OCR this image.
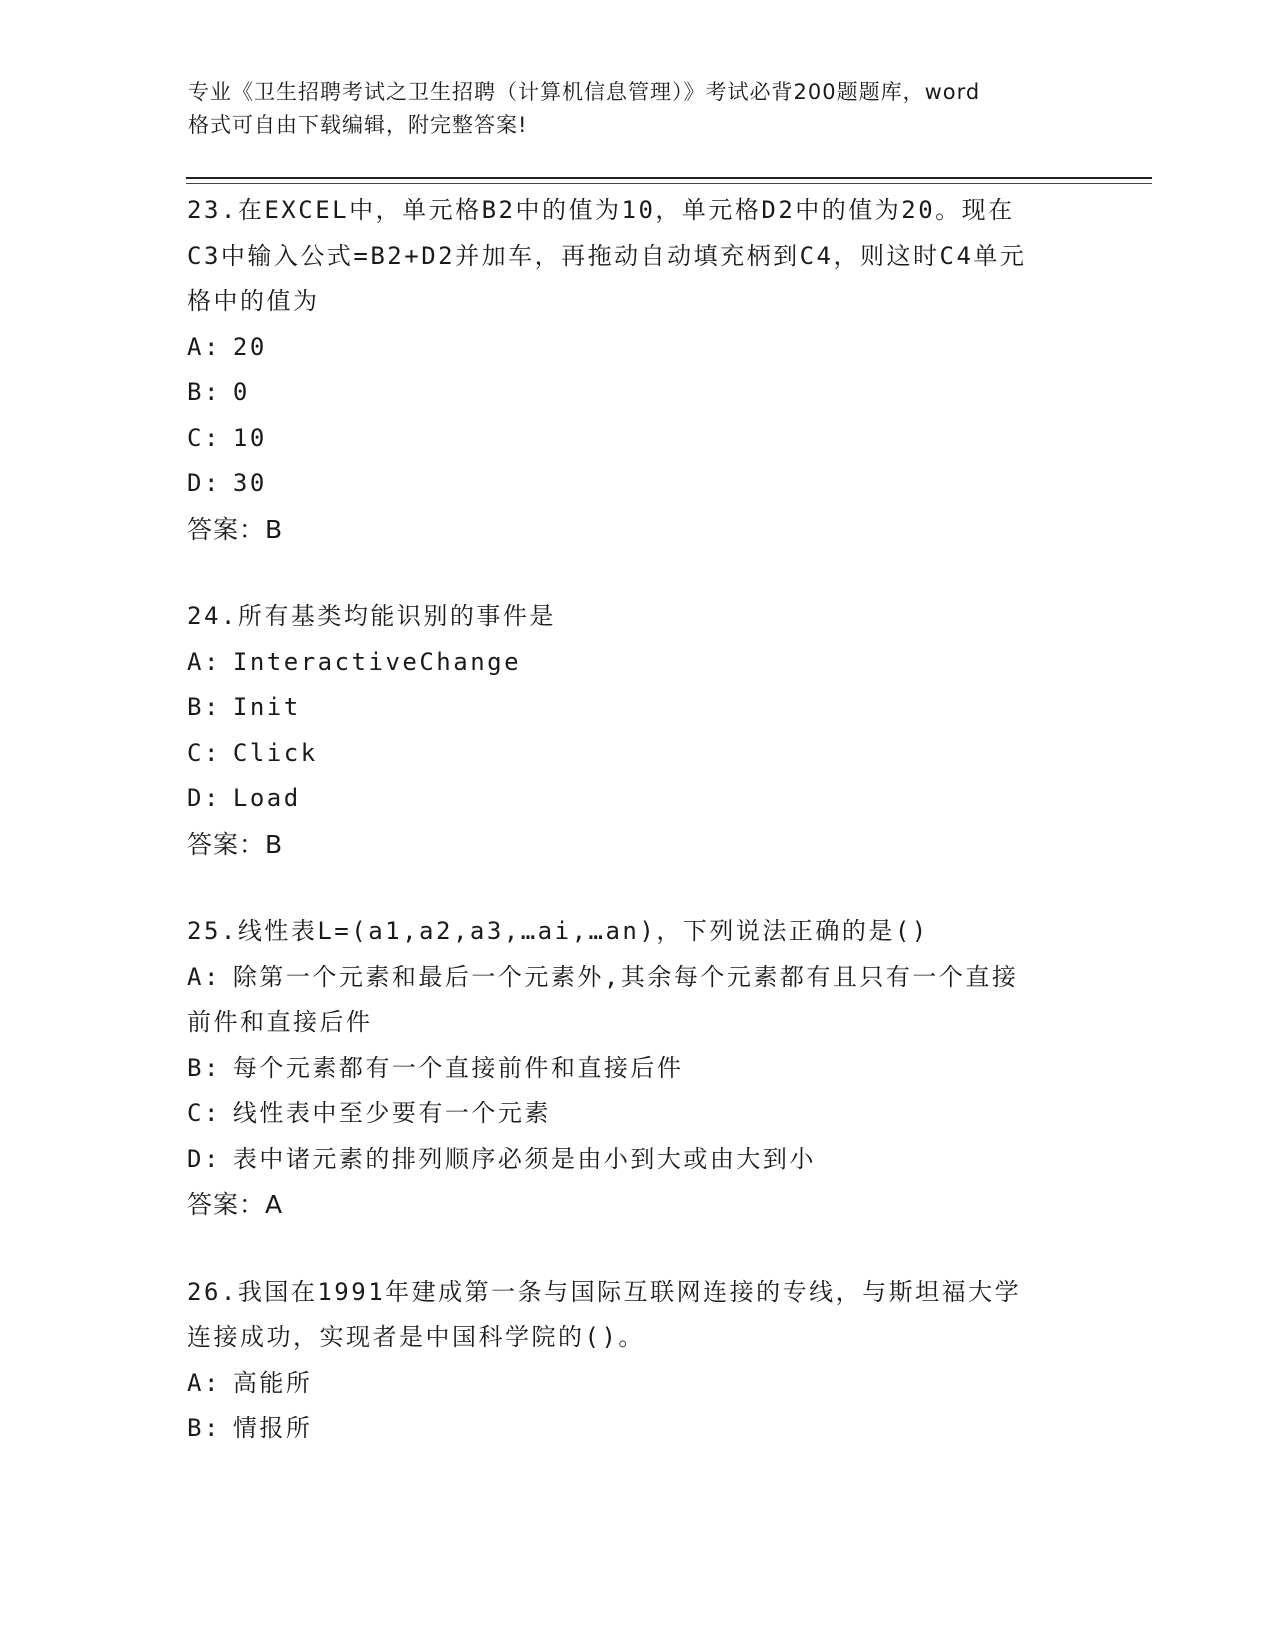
专业《卫生招聘考试之卫生招聘（计算机信息管理）》考试必背200题题库，word
格式可自由下载编辑，附完整答案!

23.在EXCEL中，单元格B2中的值为10，单元格D2中的值为20。现在C3中输入公式=B2+D2并加车，再拖动自动填充柄到C4，则这时C4单元格中的值为

A : 20
B : 0
C : 10
D : 30

答案：B

24.所有基类均能识别的事件是

A : InteractiveChange
B : Init
C : Click
D : Load

答案：B

25.线性表L=(a1,a2,a3,…ai,…an)，下列说法正确的是()

A: 除第一个元素和最后一个元素外,其余每个元素都有且只有一个直接前件和直接后件
B : 每个元素都有一个直接前件和直接后件
C : 线性表中至少要有一个元素
D : 表中诸元素的排列顺序必须是由小到大或由大到小

答案：A

26.我国在1991年建成第一条与国际互联网连接的专线，与斯坦福大学连接成功，实现者是中国科学院的()。

A : 高能所
B : 情报所
